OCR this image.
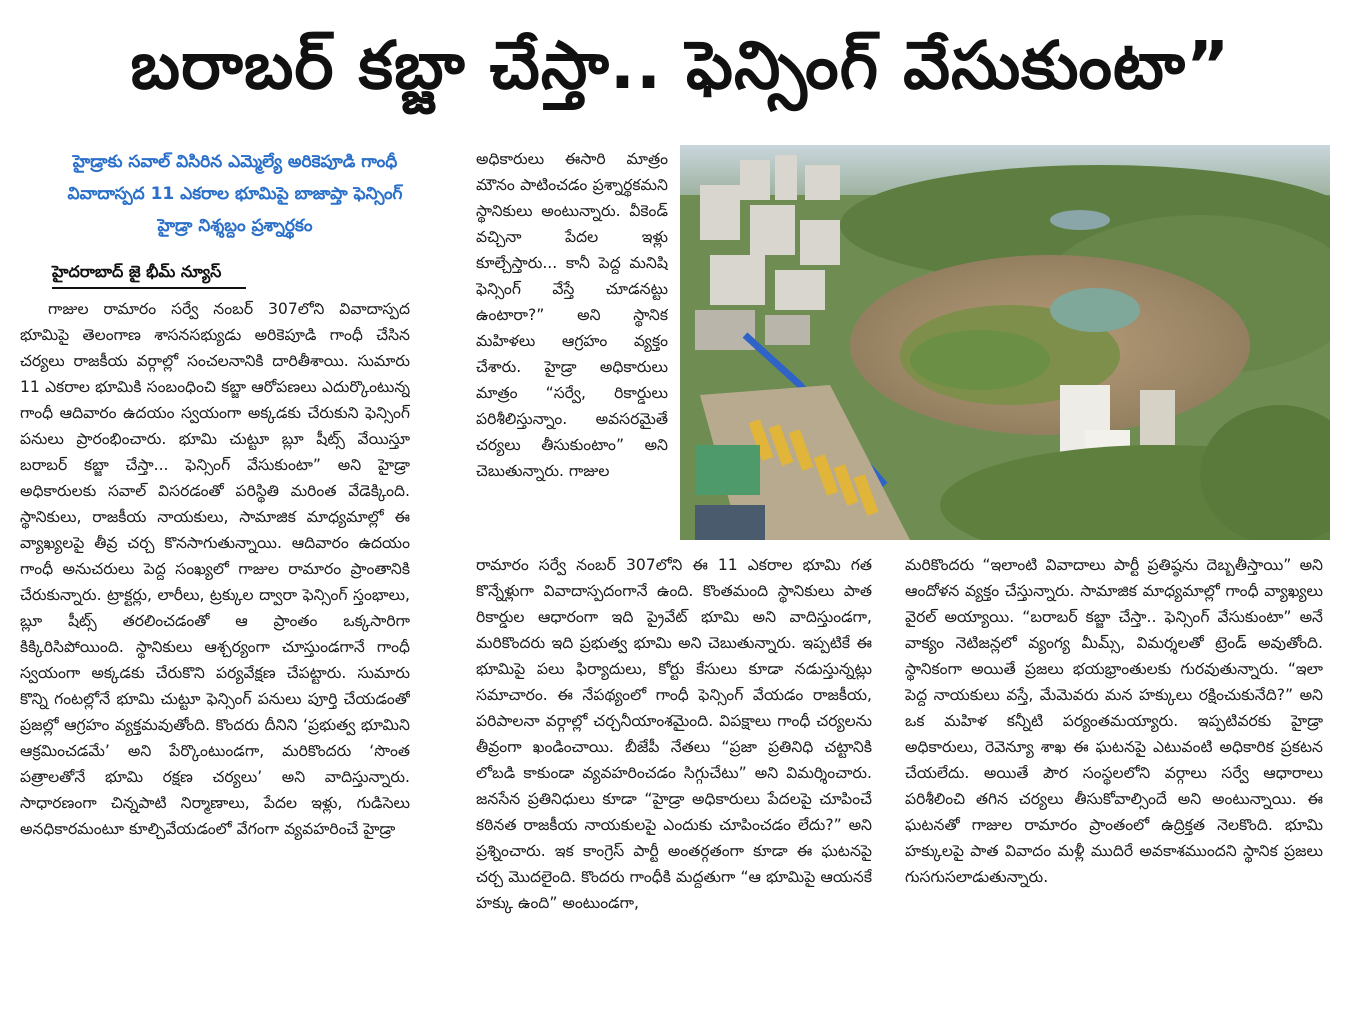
బరాబర్ కబ్జా చేస్తా.. ఫెన్సింగ్ వేసుకుంటా”
హైడ్రాకు సవాల్ విసిరిన ఎమ్మెల్యే అరికెపూడి గాంధీ
వివాదాస్పద 11 ఎకరాల భూమిపై బాజాప్తా ఫెన్సింగ్
హైడ్రా నిశ్శబ్దం ప్రశ్నార్థకం
హైదరాబాద్ జై భీమ్ న్యూస్

గాజుల రామారం సర్వే నంబర్ 307లోని వివాదాస్పద భూమిపై తెలంగాణ శాసనసభ్యుడు అరికెపూడి గాంధీ చేసిన చర్యలు రాజకీయ వర్గాల్లో సంచలనానికి దారితీశాయి. సుమారు 11 ఎకరాల భూమికి సంబంధించి కబ్జా ఆరోపణలు ఎదుర్కొంటున్న గాంధీ ఆదివారం ఉదయం స్వయంగా అక్కడకు చేరుకుని ఫెన్సింగ్ పనులు ప్రారంభించారు. భూమి చుట్టూ బ్లూ షీట్స్ వేయిస్తూ బరాబర్ కబ్జా చేస్తా... ఫెన్సింగ్ వేసుకుంటా” అని హైడ్రా అధికారులకు సవాల్ విసరడంతో పరిస్థితి మరింత వేడెక్కింది. స్థానికులు, రాజకీయ నాయకులు, సామాజిక మాధ్యమాల్లో ఈ వ్యాఖ్యలపై తీవ్ర చర్చ కొనసాగుతున్నాయి. ఆదివారం ఉదయం గాంధీ అనుచరులు పెద్ద సంఖ్యలో గాజుల రామారం ప్రాంతానికి చేరుకున్నారు. ట్రాక్టర్లు, లారీలు, ట్రక్కుల ద్వారా ఫెన్సింగ్ స్తంభాలు, బ్లూ షీట్స్ తరలించడంతో ఆ ప్రాంతం ఒక్కసారిగా కిక్కిరిసిపోయింది. స్థానికులు ఆశ్చర్యంగా చూస్తుండగానే గాంధీ స్వయంగా అక్కడకు చేరుకొని పర్యవేక్షణ చేపట్టారు. సుమారు కొన్ని గంటల్లోనే భూమి చుట్టూ ఫెన్సింగ్ పనులు పూర్తి చేయడంతో ప్రజల్లో ఆగ్రహం వ్యక్తమవుతోంది. కొందరు దీనిని ‘ప్రభుత్వ భూమిని ఆక్రమించడమే’ అని పేర్కొంటుండగా, మరికొందరు ‘సొంత పత్రాలతోనే భూమి రక్షణ చర్యలు’ అని వాదిస్తున్నారు. సాధారణంగా చిన్నపాటి నిర్మాణాలు, పేదల ఇళ్లు, గుడిసెలు అనధికారమంటూ కూల్చివేయడంలో వేగంగా వ్యవహరించే హైడ్రా

అధికారులు ఈసారి మాత్రం మౌనం పాటించడం ప్రశ్నార్థకమని స్థానికులు అంటున్నారు. వీకెండ్ వచ్చినా పేదల ఇళ్లు కూల్చేస్తారు... కానీ పెద్ద మనిషి ఫెన్సింగ్ వేస్తే చూడనట్టు ఉంటారా?” అని స్థానిక మహిళలు ఆగ్రహం వ్యక్తం చేశారు. హైడ్రా అధికారులు మాత్రం “సర్వే, రికార్డులు పరిశీలిస్తున్నాం. అవసరమైతే చర్యలు తీసుకుంటాం” అని చెబుతున్నారు. గాజుల

రామారం సర్వే నంబర్ 307లోని ఈ 11 ఎకరాల భూమి గత కొన్నేళ్లుగా వివాదాస్పదంగానే ఉంది. కొంతమంది స్థానికులు పాత రికార్డుల ఆధారంగా ఇది ప్రైవేట్ భూమి అని వాదిస్తుండగా, మరికొందరు ఇది ప్రభుత్వ భూమి అని చెబుతున్నారు. ఇప్పటికే ఈ భూమిపై పలు ఫిర్యాదులు, కోర్టు కేసులు కూడా నడుస్తున్నట్లు సమాచారం. ఈ నేపథ్యంలో గాంధీ ఫెన్సింగ్ వేయడం రాజకీయ, పరిపాలనా వర్గాల్లో చర్చనీయాంశమైంది. విపక్షాలు గాంధీ చర్యలను తీవ్రంగా ఖండించాయి. బీజేపీ నేతలు “ప్రజా ప్రతినిధి చట్టానికి లోబడి కాకుండా వ్యవహరించడం సిగ్గుచేటు” అని విమర్శించారు. జనసేన ప్రతినిధులు కూడా “హైడ్రా అధికారులు పేదలపై చూపించే కఠినత రాజకీయ నాయకులపై ఎందుకు చూపించడం లేదు?” అని ప్రశ్నించారు. ఇక కాంగ్రెస్ పార్టీ అంతర్గతంగా కూడా ఈ ఘటనపై చర్చ మొదలైంది. కొందరు గాంధీకి మద్దతుగా “ఆ భూమిపై ఆయనకే హక్కు ఉంది” అంటుండగా,

మరికొందరు “ఇలాంటి వివాదాలు పార్టీ ప్రతిష్ఠను దెబ్బతీస్తాయి” అని ఆందోళన వ్యక్తం చేస్తున్నారు. సామాజిక మాధ్యమాల్లో గాంధీ వ్యాఖ్యలు వైరల్ అయ్యాయి. “బరాబర్ కబ్జా చేస్తా.. ఫెన్సింగ్ వేసుకుంటా” అనే వాక్యం నెటిజన్లలో వ్యంగ్య మీమ్స్, విమర్శలతో ట్రెండ్ అవుతోంది. స్థానికంగా అయితే ప్రజలు భయభ్రాంతులకు గురవుతున్నారు. “ఇలా పెద్ద నాయకులు వస్తే, మేమెవరు మన హక్కులు రక్షించుకునేది?” అని ఒక మహిళ కన్నీటి పర్యంతమయ్యారు. ఇప్పటివరకు హైడ్రా అధికారులు, రెవెన్యూ శాఖ ఈ ఘటనపై ఎటువంటి అధికారిక ప్రకటన చేయలేదు. అయితే పౌర సంస్థలలోని వర్గాలు సర్వే ఆధారాలు పరిశీలించి తగిన చర్యలు తీసుకోవాల్సిందే అని అంటున్నాయి. ఈ ఘటనతో గాజుల రామారం ప్రాంతంలో ఉద్రిక్తత నెలకొంది. భూమి హక్కులపై పాత వివాదం మళ్లీ ముదిరే అవకాశముందని స్థానిక ప్రజలు గుసగుసలాడుతున్నారు.
